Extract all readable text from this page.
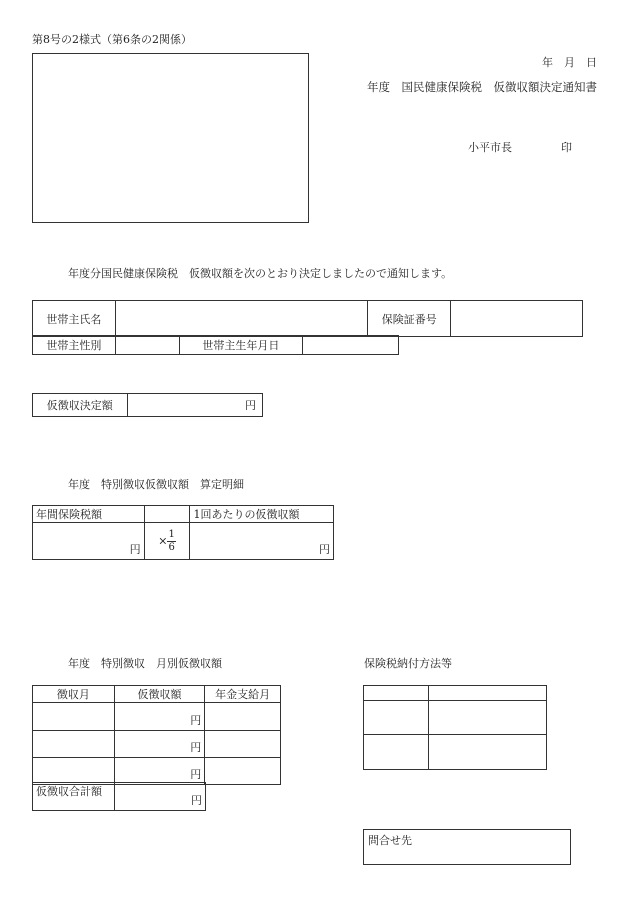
第8号の2様式（第6条の2関係）
年　月　日
年度　国民健康保険税　仮徴収額決定通知書
小平市長	印
年度分国民健康保険税　仮徴収額を次のとおり決定しましたので通知します。
世帯主氏名		保険証番号	
世帯主性別		世帯主生年月日	
仮徴収決定額	円
年度　特別徴収仮徴収額　算定明細
年間保険税額		1回あたりの仮徴収額
円	× $\frac{1}{6}$	円
年度　特別徴収　月別仮徴収額
徴収月	仮徴収額	年金支給月
	円	
	円	
	円	
仮徴収合計額	円
保険税納付方法等

問合せ先
